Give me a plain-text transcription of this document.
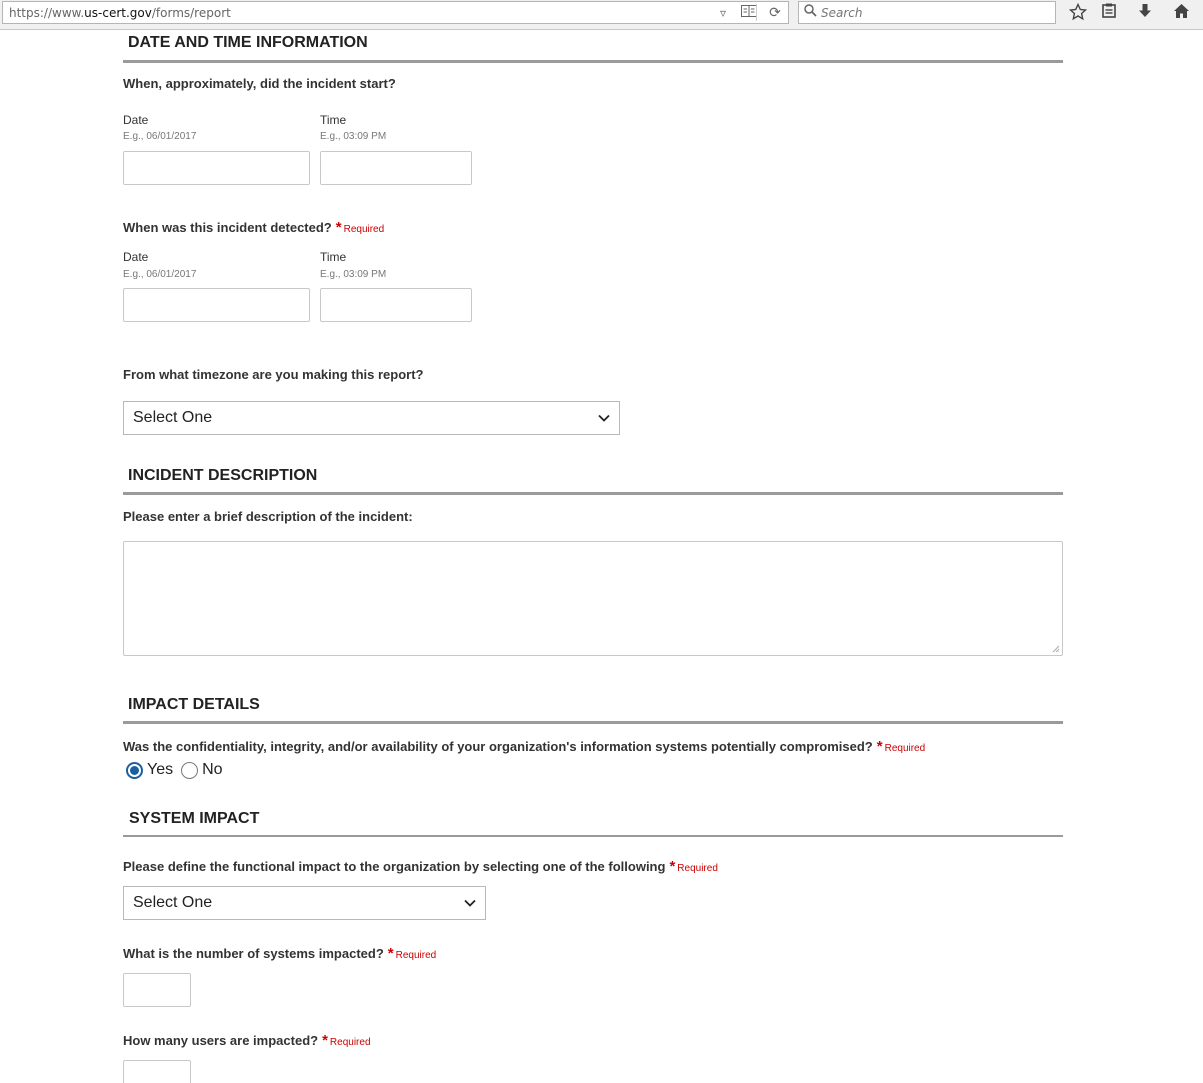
https://www.us-cert.gov/forms/report	▿	⟳
Search
DATE AND TIME INFORMATION
When, approximately, did the incident start?
Date
E.g., 06/01/2017
Time
E.g., 03:09 PM
When was this incident detected? * Required
Date
E.g., 06/01/2017
Time
E.g., 03:09 PM
From what timezone are you making this report?
Select One
INCIDENT DESCRIPTION
Please enter a brief description of the incident:
IMPACT DETAILS
Was the confidentiality, integrity, and/or availability of your organization's information systems potentially compromised? * Required
Yes No
SYSTEM IMPACT
Please define the functional impact to the organization by selecting one of the following * Required
Select One
What is the number of systems impacted? * Required
How many users are impacted? * Required
